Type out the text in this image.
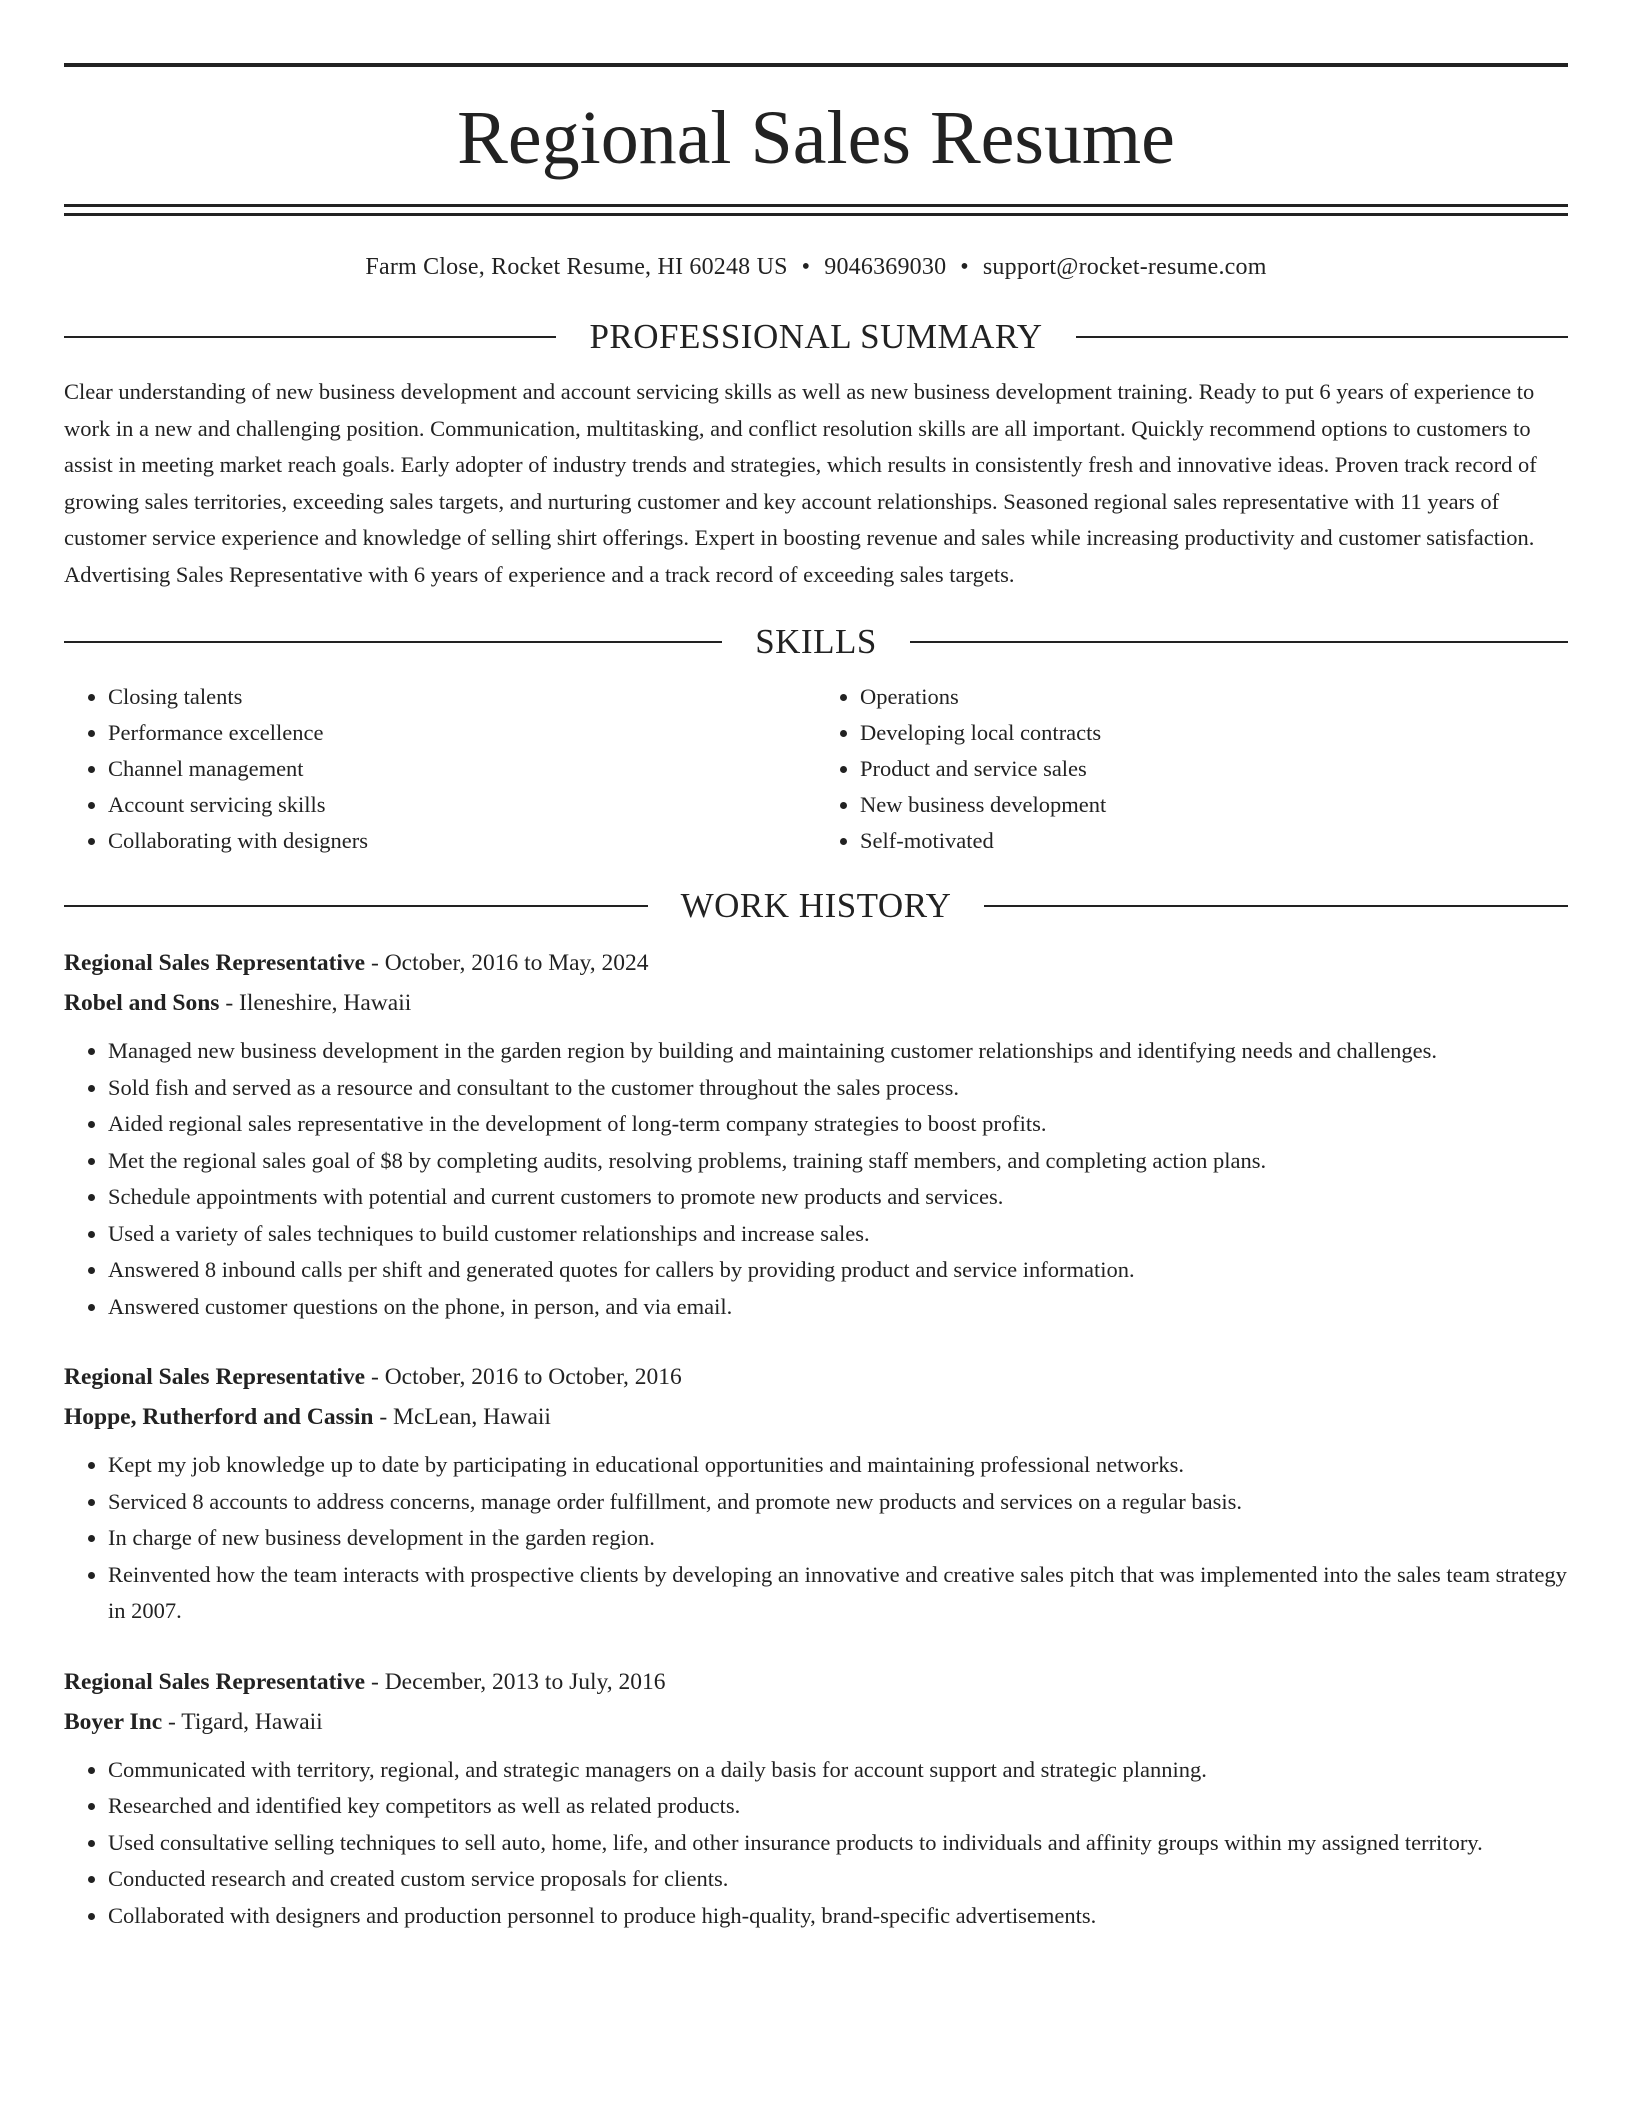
Regional Sales Resume
Farm Close, Rocket Resume, HI 60248 US • 9046369030 • support@rocket-resume.com
PROFESSIONAL SUMMARY
Clear understanding of new business development and account servicing skills as well as new business development training. Ready to put 6 years of experience to work in a new and challenging position. Communication, multitasking, and conflict resolution skills are all important. Quickly recommend options to customers to assist in meeting market reach goals. Early adopter of industry trends and strategies, which results in consistently fresh and innovative ideas. Proven track record of growing sales territories, exceeding sales targets, and nurturing customer and key account relationships. Seasoned regional sales representative with 11 years of customer service experience and knowledge of selling shirt offerings. Expert in boosting revenue and sales while increasing productivity and customer satisfaction. Advertising Sales Representative with 6 years of experience and a track record of exceeding sales targets.
SKILLS
• Closing talents
• Performance excellence
• Channel management
• Account servicing skills
• Collaborating with designers
• Operations
• Developing local contracts
• Product and service sales
• New business development
• Self-motivated
WORK HISTORY
Regional Sales Representative - October, 2016 to May, 2024
Robel and Sons - Ileneshire, Hawaii
• Managed new business development in the garden region by building and maintaining customer relationships and identifying needs and challenges.
• Sold fish and served as a resource and consultant to the customer throughout the sales process.
• Aided regional sales representative in the development of long-term company strategies to boost profits.
• Met the regional sales goal of $8 by completing audits, resolving problems, training staff members, and completing action plans.
• Schedule appointments with potential and current customers to promote new products and services.
• Used a variety of sales techniques to build customer relationships and increase sales.
• Answered 8 inbound calls per shift and generated quotes for callers by providing product and service information.
• Answered customer questions on the phone, in person, and via email.
Regional Sales Representative - October, 2016 to October, 2016
Hoppe, Rutherford and Cassin - McLean, Hawaii
• Kept my job knowledge up to date by participating in educational opportunities and maintaining professional networks.
• Serviced 8 accounts to address concerns, manage order fulfillment, and promote new products and services on a regular basis.
• In charge of new business development in the garden region.
• Reinvented how the team interacts with prospective clients by developing an innovative and creative sales pitch that was implemented into the sales team strategy in 2007.
Regional Sales Representative - December, 2013 to July, 2016
Boyer Inc - Tigard, Hawaii
• Communicated with territory, regional, and strategic managers on a daily basis for account support and strategic planning.
• Researched and identified key competitors as well as related products.
• Used consultative selling techniques to sell auto, home, life, and other insurance products to individuals and affinity groups within my assigned territory.
• Conducted research and created custom service proposals for clients.
• Collaborated with designers and production personnel to produce high-quality, brand-specific advertisements.
